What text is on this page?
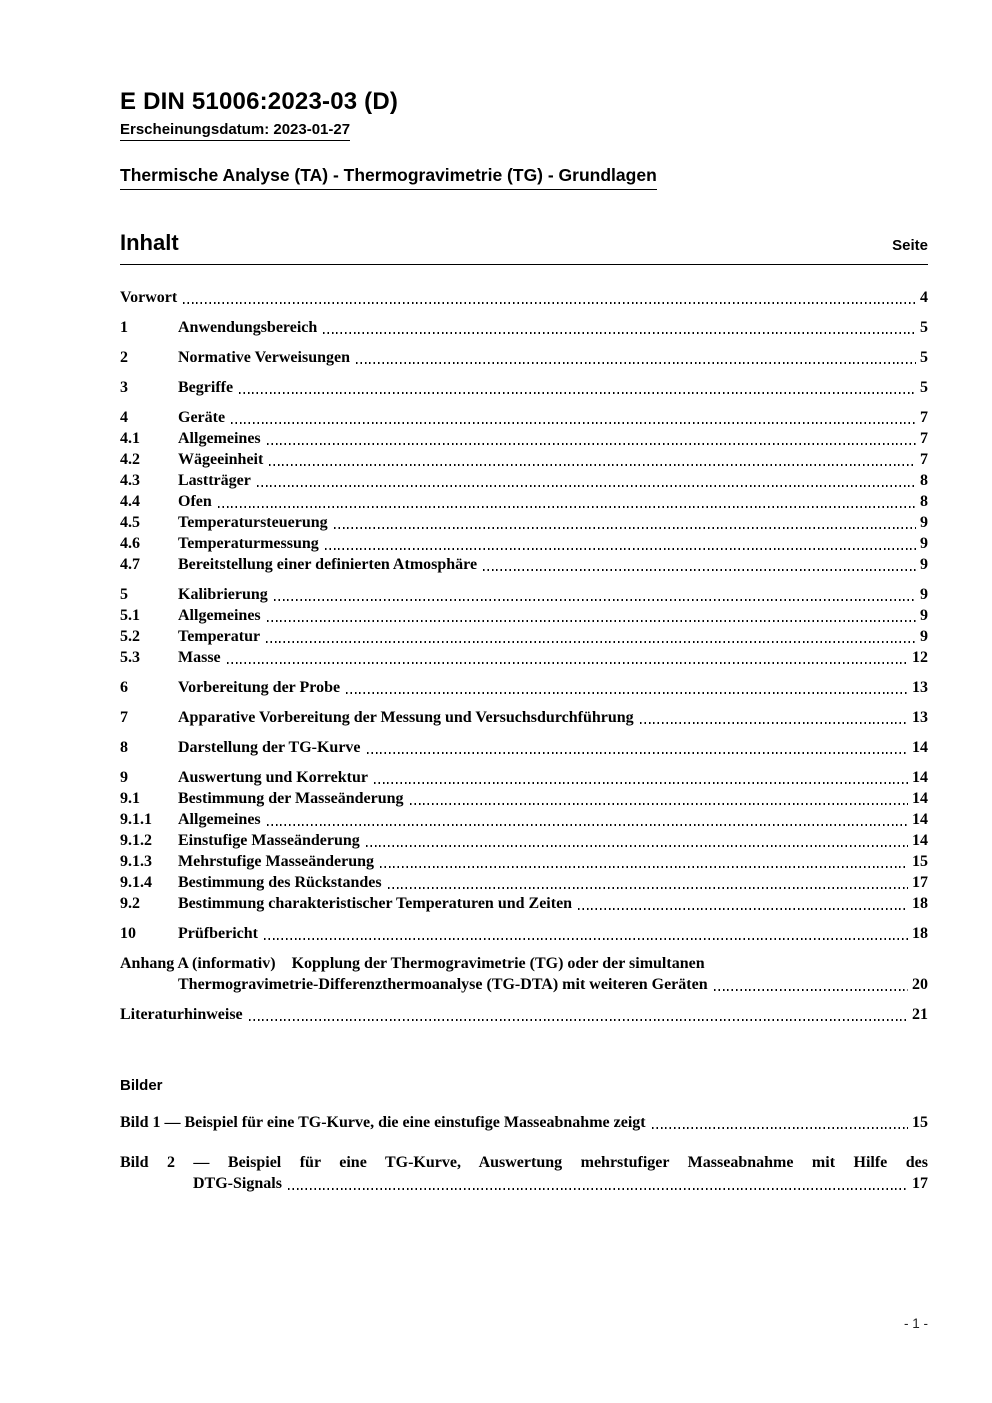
E DIN 51006:2023-03 (D)
Erscheinungsdatum: 2023-01-27
Thermische Analyse (TA) - Thermogravimetrie (TG) - Grundlagen
Inhalt	Seite
Vorwort	4
1	Anwendungsbereich	5
2	Normative Verweisungen	5
3	Begriffe	5
4	Geräte	7
4.1	Allgemeines	7
4.2	Wägeeinheit	7
4.3	Lastträger	8
4.4	Ofen	8
4.5	Temperatursteuerung	9
4.6	Temperaturmessung	9
4.7	Bereitstellung einer definierten Atmosphäre	9
5	Kalibrierung	9
5.1	Allgemeines	9
5.2	Temperatur	9
5.3	Masse	12
6	Vorbereitung der Probe	13
7	Apparative Vorbereitung der Messung und Versuchsdurchführung	13
8	Darstellung der TG-Kurve	14
9	Auswertung und Korrektur	14
9.1	Bestimmung der Masseänderung	14
9.1.1	Allgemeines	14
9.1.2	Einstufige Masseänderung	14
9.1.3	Mehrstufige Masseänderung	15
9.1.4	Bestimmung des Rückstandes	17
9.2	Bestimmung charakteristischer Temperaturen und Zeiten	18
10	Prüfbericht	18
Anhang A (informativ) Kopplung der Thermogravimetrie (TG) oder der simultanen
Thermogravimetrie-Differenzthermoanalyse (TG-DTA) mit weiteren Geräten	20
Literaturhinweise	21
Bilder
Bild 1 — Beispiel für eine TG-Kurve, die eine einstufige Masseabnahme zeigt	15
Bild 2 — Beispiel für eine TG-Kurve, Auswertung mehrstufiger Masseabnahme mit Hilfe des
DTG-Signals	17
- 1 -
